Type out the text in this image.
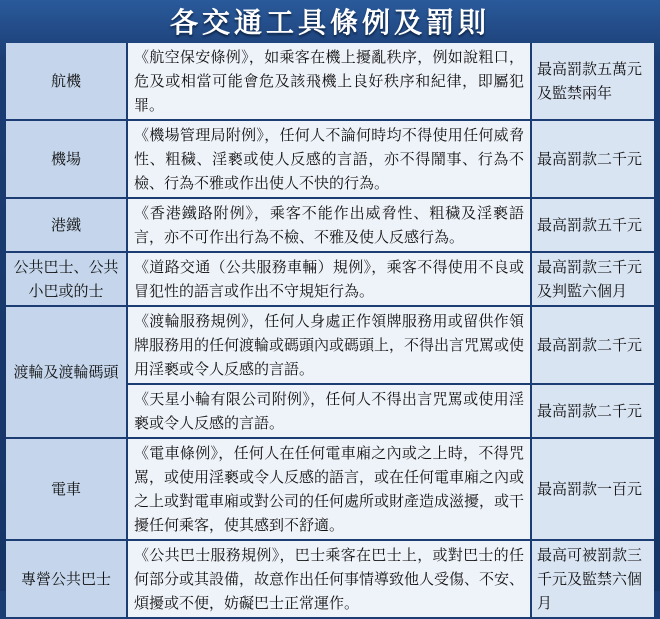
各交通工具條例及罰則
航機	《航空保安條例》，如乘客在機上擾亂秩序，例如說粗口，危及或相當可能會危及該飛機上良好秩序和紀律，即屬犯罪。	最高罰款五萬元及監禁兩年
機場	《機場管理局附例》，任何人不論何時均不得使用任何威脅性、粗穢、淫褻或使人反感的言語，亦不得鬧事、行為不檢、行為不雅或作出使人不快的行為。	最高罰款二千元
港鐵	《香港鐵路附例》，乘客不能作出威脅性、粗穢及淫褻語言，亦不可作出行為不檢、不雅及使人反感行為。	最高罰款五千元
公共巴士、公共小巴或的士	《道路交通（公共服務車輛）規例》，乘客不得使用不良或冒犯性的語言或作出不守規矩行為。	最高罰款三千元及判監六個月
渡輪及渡輪碼頭	《渡輪服務規例》，任何人身處正作領牌服務用或留供作領牌服務用的任何渡輪或碼頭內或碼頭上，不得出言咒罵或使用淫褻或令人反感的言語。	最高罰款二千元
	《天星小輪有限公司附例》，任何人不得出言咒罵或使用淫褻或令人反感的言語。	最高罰款二千元
電車	《電車條例》，任何人在任何電車廂之內或之上時，不得咒罵，或使用淫褻或令人反感的語言，或在任何電車廂之內或之上或對電車廂或對公司的任何處所或財產造成滋擾，或干擾任何乘客，使其感到不舒適。	最高罰款一百元
專營公共巴士	《公共巴士服務規例》，巴士乘客在巴士上，或對巴士的任何部分或其設備，故意作出任何事情導致他人受傷、不安、煩擾或不便，妨礙巴士正常運作。	最高可被罰款三千元及監禁六個月
